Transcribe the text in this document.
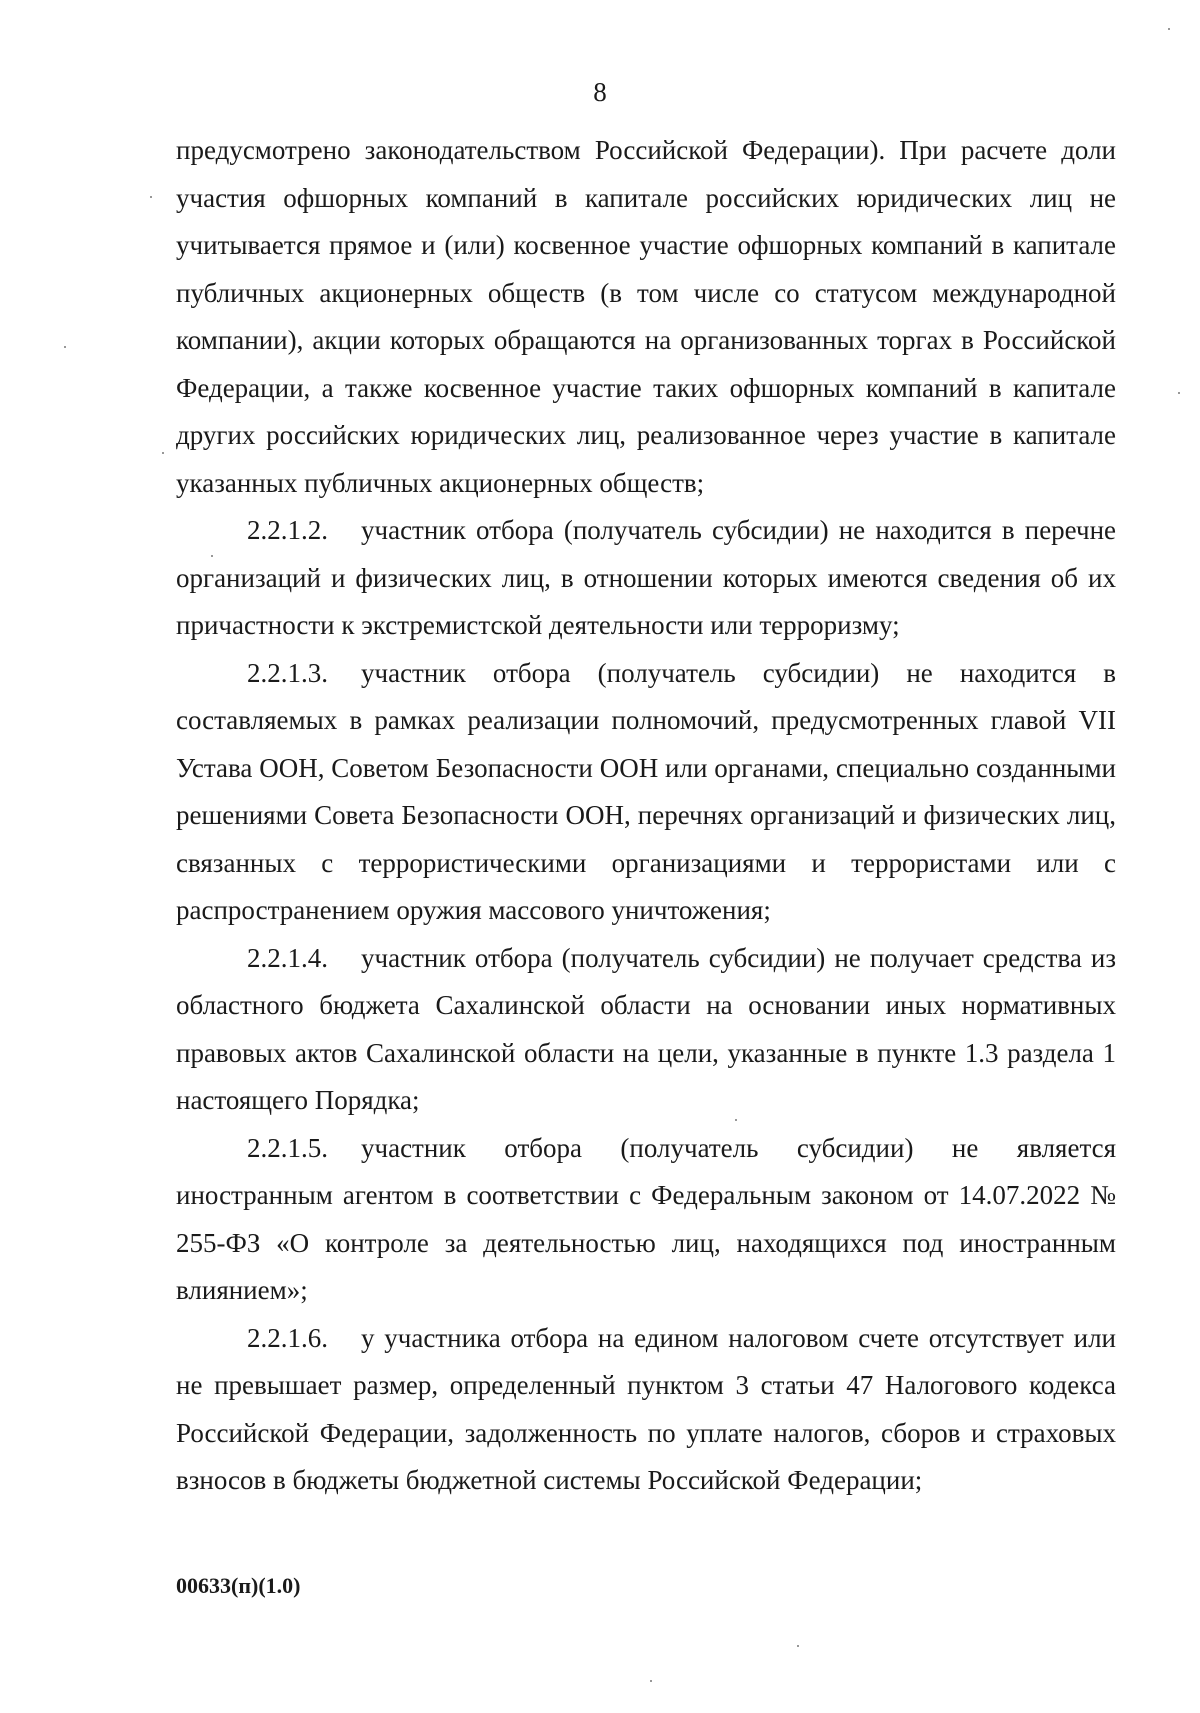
8

предусмотрено законодательством Российской Федерации). При расчете доли участия офшорных компаний в капитале российских юридических лиц не учитывается прямое и (или) косвенное участие офшорных компаний в капитале публичных акционерных обществ (в том числе со статусом международной компании), акции которых обращаются на организованных торгах в Российской Федерации, а также косвенное участие таких офшорных компаний в капитале других российских юридических лиц, реализованное через участие в капитале указанных публичных акционерных обществ;

2.2.1.2. участник отбора (получатель субсидии) не находится в перечне организаций и физических лиц, в отношении которых имеются сведения об их причастности к экстремистской деятельности или терроризму;

2.2.1.3. участник отбора (получатель субсидии) не находится в составляемых в рамках реализации полномочий, предусмотренных главой VII Устава ООН, Советом Безопасности ООН или органами, специально созданными решениями Совета Безопасности ООН, перечнях организаций и физических лиц, связанных с террористическими организациями и террористами или с распространением оружия массового уничтожения;

2.2.1.4. участник отбора (получатель субсидии) не получает средства из областного бюджета Сахалинской области на основании иных нормативных правовых актов Сахалинской области на цели, указанные в пункте 1.3 раздела 1 настоящего Порядка;

2.2.1.5. участник отбора (получатель субсидии) не является иностранным агентом в соответствии с Федеральным законом от 14.07.2022 № 255-ФЗ «О контроле за деятельностью лиц, находящихся под иностранным влиянием»;

2.2.1.6. у участника отбора на едином налоговом счете отсутствует или не превышает размер, определенный пунктом 3 статьи 47 Налогового кодекса Российской Федерации, задолженность по уплате налогов, сборов и страховых взносов в бюджеты бюджетной системы Российской Федерации;

00633(п)(1.0)
